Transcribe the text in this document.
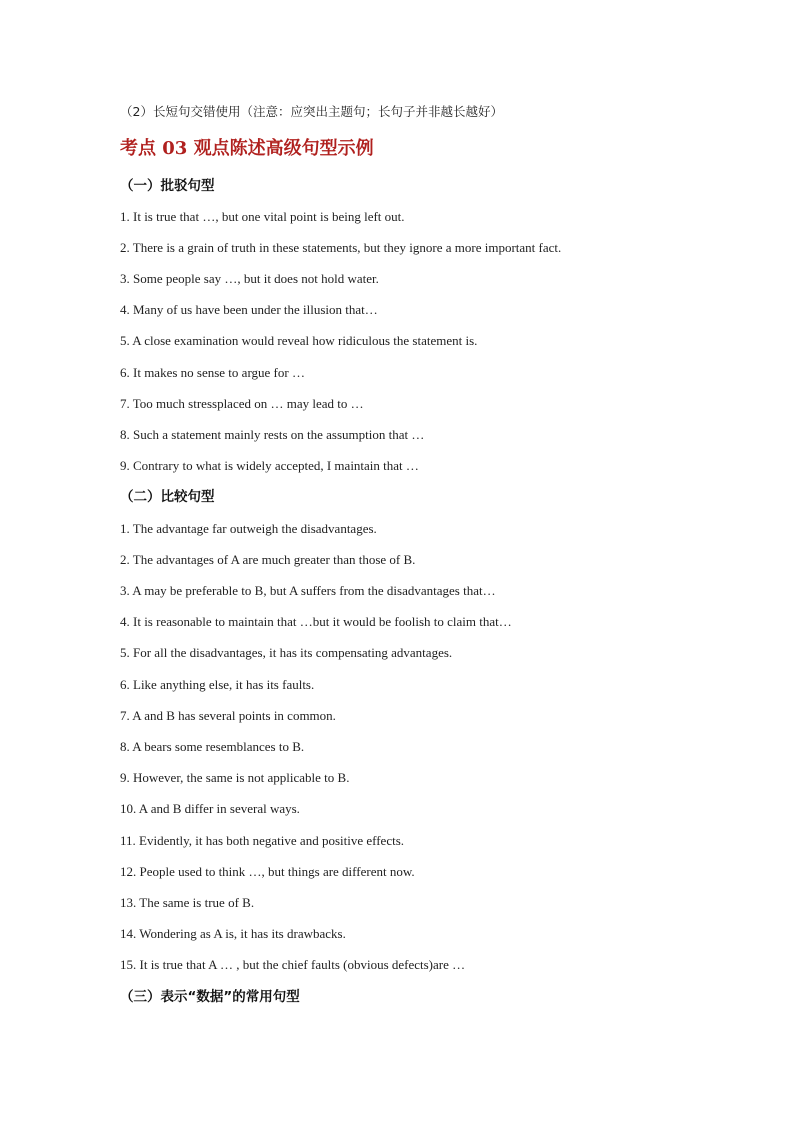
（2）长短句交错使用（注意：应突出主题句；长句子并非越长越好）
考点 03 观点陈述高级句型示例
（一）批驳句型
1. It is true that …, but one vital point is being left out.
2. There is a grain of truth in these statements, but they ignore a more important fact.
3. Some people say …, but it does not hold water.
4. Many of us have been under the illusion that…
5. A close examination would reveal how ridiculous the statement is.
6. It makes no sense to argue for …
7. Too much stressplaced on … may lead to …
8. Such a statement mainly rests on the assumption that …
9. Contrary to what is widely accepted, I maintain that …
（二）比较句型
1. The advantage far outweigh the disadvantages.
2. The advantages of A are much greater than those of B.
3. A may be preferable to B, but A suffers from the disadvantages that…
4. It is reasonable to maintain that …but it would be foolish to claim that…
5. For all the disadvantages, it has its compensating advantages.
6. Like anything else, it has its faults.
7. A and B has several points in common.
8. A bears some resemblances to B.
9. However, the same is not applicable to B.
10. A and B differ in several ways.
11. Evidently, it has both negative and positive effects.
12. People used to think …, but things are different now.
13. The same is true of B.
14. Wondering as A is, it has its drawbacks.
15. It is true that A … , but the chief faults (obvious defects)are …
（三）表示“数据”的常用句型
